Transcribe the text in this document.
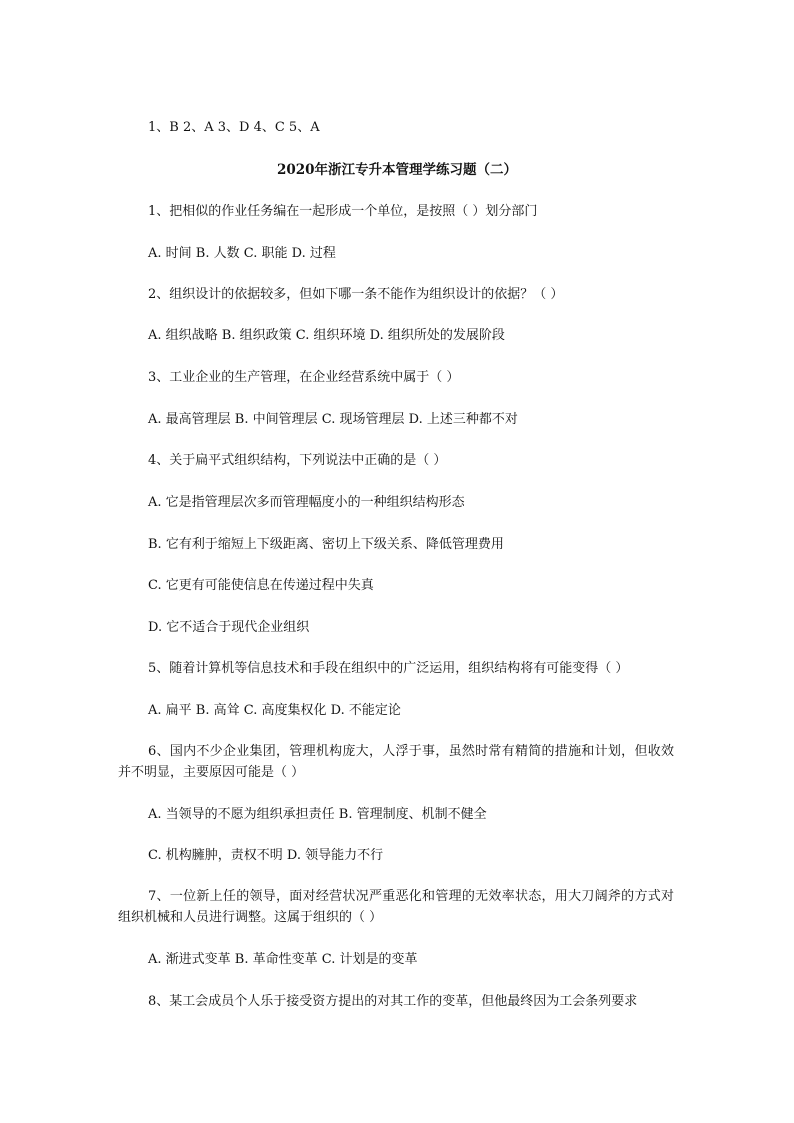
1、B 2、A 3、D 4、C 5、A
2020年浙江专升本管理学练习题（二）
1、把相似的作业任务编在一起形成一个单位，是按照（ ）划分部门
A. 时间 B. 人数 C. 职能 D. 过程
2、组织设计的依据较多，但如下哪一条不能作为组织设计的依据？（ ）
A. 组织战略 B. 组织政策 C. 组织环境 D. 组织所处的发展阶段
3、工业企业的生产管理，在企业经营系统中属于（ ）
A. 最高管理层 B. 中间管理层 C. 现场管理层 D. 上述三种都不对
4、关于扁平式组织结构，下列说法中正确的是（ ）
A. 它是指管理层次多而管理幅度小的一种组织结构形态
B. 它有利于缩短上下级距离、密切上下级关系、降低管理费用
C. 它更有可能使信息在传递过程中失真
D. 它不适合于现代企业组织
5、随着计算机等信息技术和手段在组织中的广泛运用，组织结构将有可能变得（ ）
A. 扁平 B. 高耸 C. 高度集权化 D. 不能定论
6、国内不少企业集团，管理机构庞大，人浮于事，虽然时常有精简的措施和计划，但收效并不明显，主要原因可能是（ ）
A. 当领导的不愿为组织承担责任 B. 管理制度、机制不健全
C. 机构臃肿，责权不明 D. 领导能力不行
7、一位新上任的领导，面对经营状况严重恶化和管理的无效率状态，用大刀阔斧的方式对组织机械和人员进行调整。这属于组织的（ ）
A. 渐进式变革 B. 革命性变革 C. 计划是的变革
8、某工会成员个人乐于接受资方提出的对其工作的变革，但他最终因为工会条列要求
